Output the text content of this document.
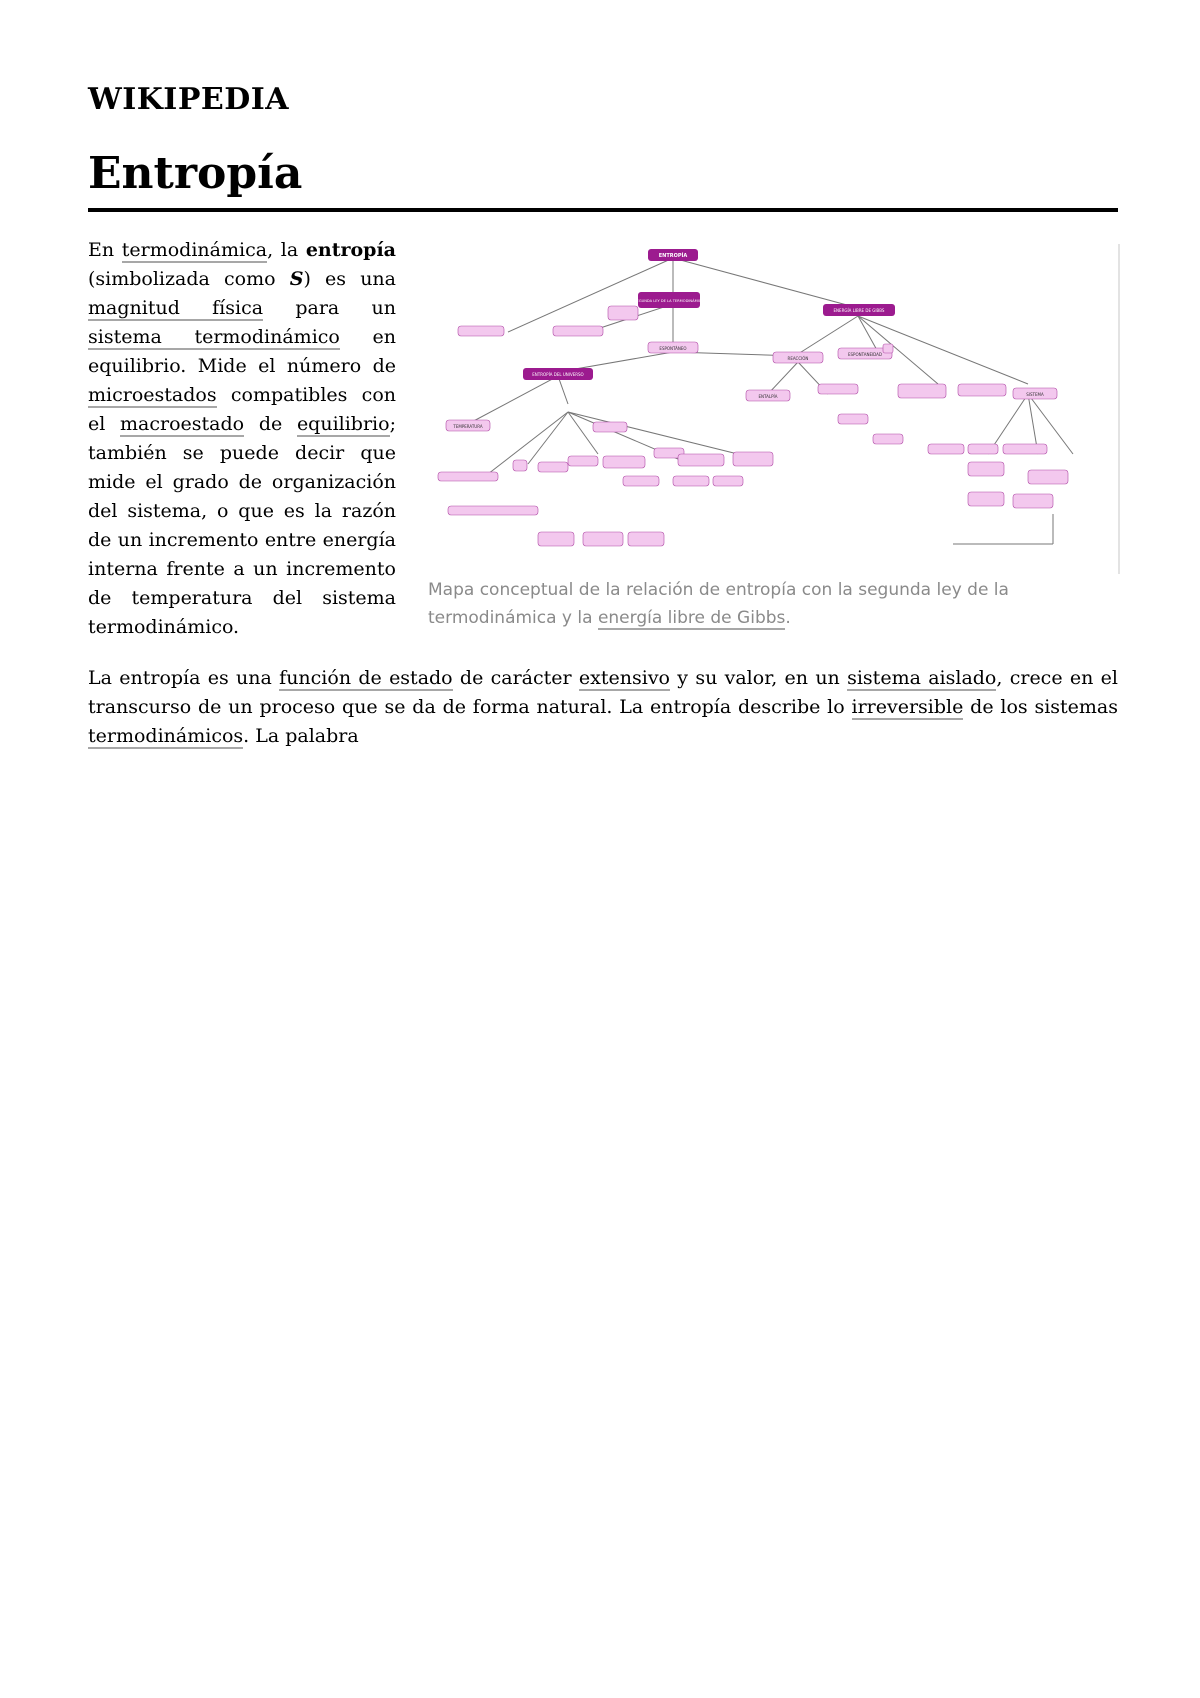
WIKIPEDIA
Entropía
ENTROPÍA
SEGUNDA LEY DE LA TERMODINÁMICA
ENERGÍA LIBRE DE GIBBS
ESPONTÁNEO
ENTROPÍA DEL UNIVERSO
REACCIÓN
ESPONTANEIDAD
TEMPERATURA
ENTALPÍA	SISTEMA
Mapa conceptual de la relación de entropía con la segunda ley de la termodinámica y la energía libre de Gibbs.

En termodinámica, la entropía (simbolizada como S) es una magnitud física para un sistema termodinámico en equilibrio. Mide el número de microestados compatibles con el macroestado de equilibrio; también se puede decir que mide el grado de organización del sistema, o que es la razón de un incremento entre energía interna frente a un incremento de temperatura del sistema termodinámico.

La entropía es una función de estado de carácter extensivo y su valor, en un sistema aislado, crece en el transcurso de un proceso que se da de forma natural. La entropía describe lo irreversible de los sistemas termodinámicos. La palabra
